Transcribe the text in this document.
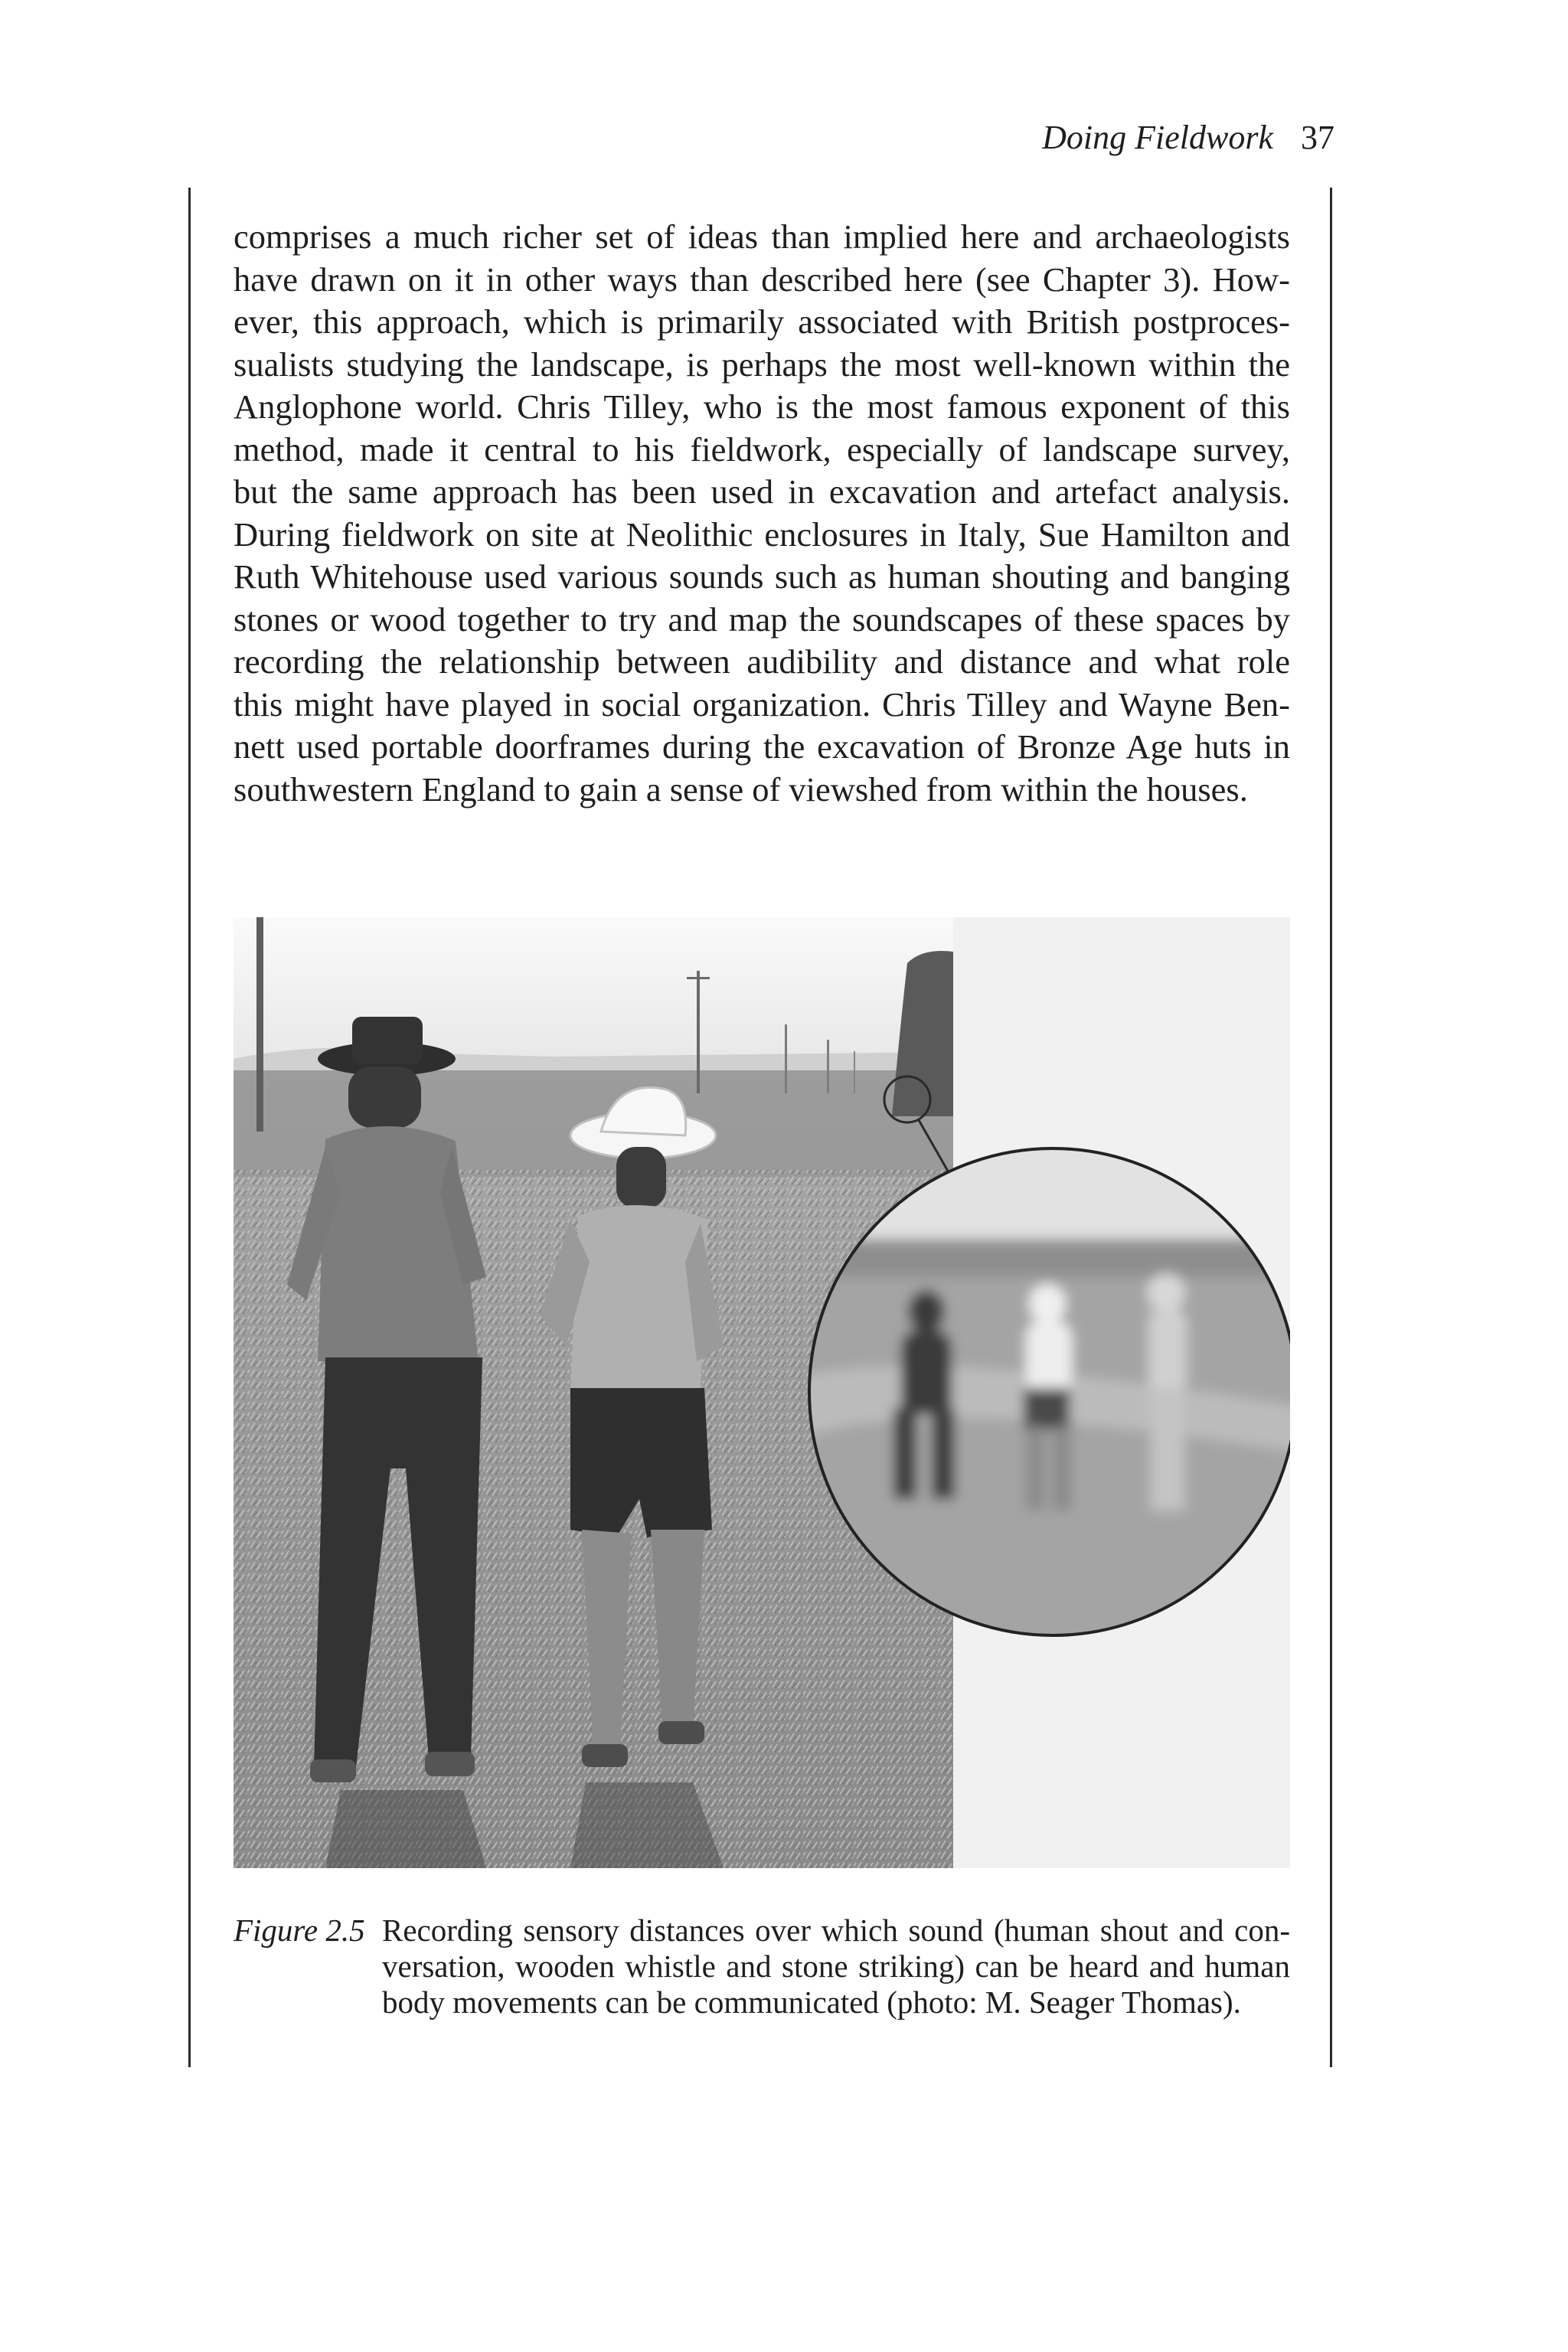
Doing Fieldwork 37
comprises a much richer set of ideas than implied here and archaeologists
have drawn on it in other ways than described here (see Chapter 3). How-
ever, this approach, which is primarily associated with British postproces-
sualists studying the landscape, is perhaps the most well-known within the
Anglophone world. Chris Tilley, who is the most famous exponent of this
method, made it central to his fieldwork, especially of landscape survey,
but the same approach has been used in excavation and artefact analysis.
During fieldwork on site at Neolithic enclosures in Italy, Sue Hamilton and
Ruth Whitehouse used various sounds such as human shouting and banging
stones or wood together to try and map the soundscapes of these spaces by
recording the relationship between audibility and distance and what role
this might have played in social organization. Chris Tilley and Wayne Ben-
nett used portable doorframes during the excavation of Bronze Age huts in
southwestern England to gain a sense of viewshed from within the houses.
Figure 2.5 Recording sensory distances over which sound (human shout and con-
versation, wooden whistle and stone striking) can be heard and human
body movements can be communicated (photo: M. Seager Thomas).
